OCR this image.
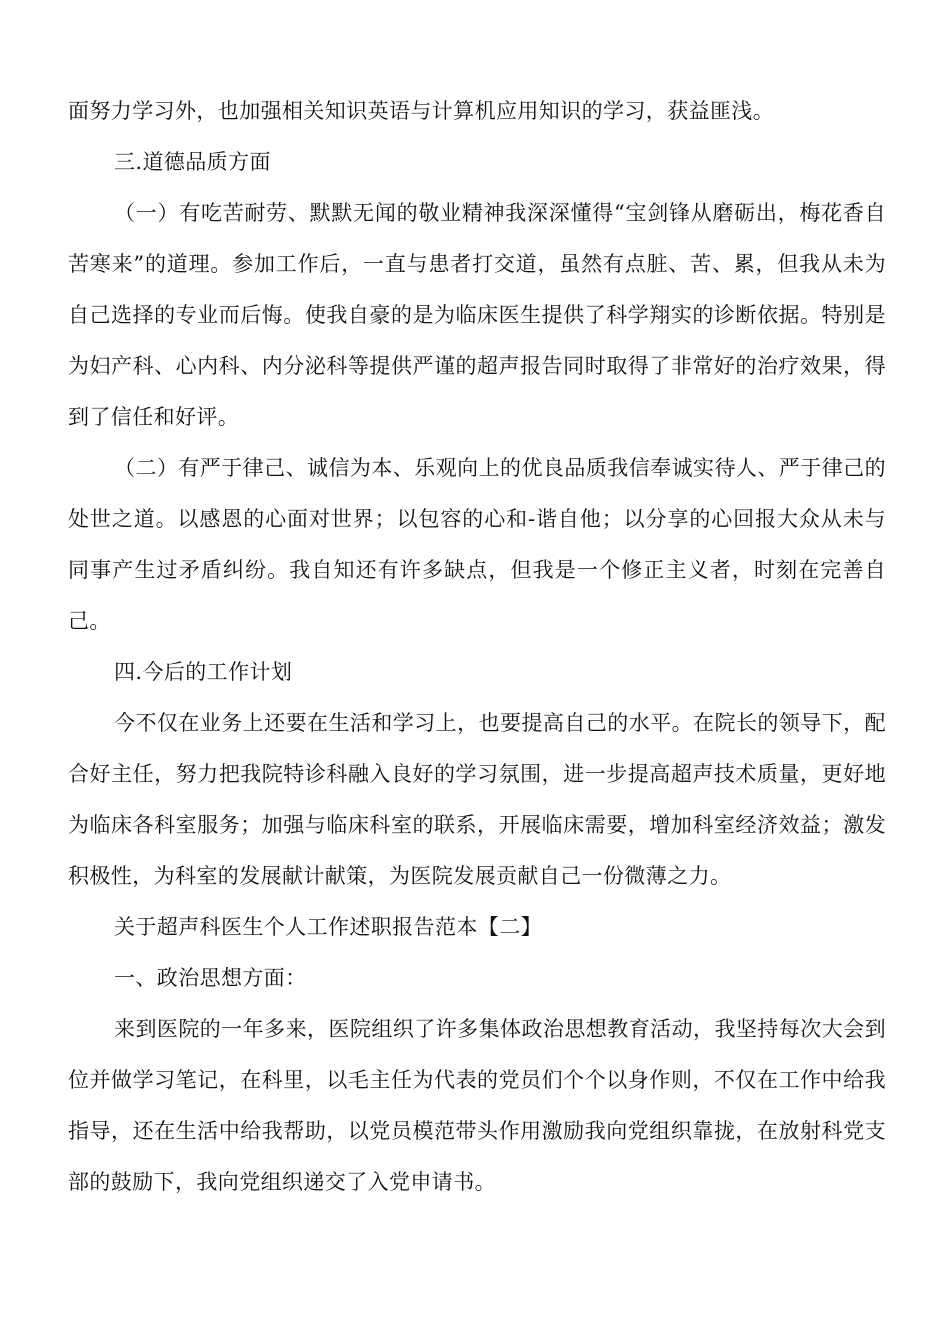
面努力学习外，也加强相关知识英语与计算机应用知识的学习，获益匪浅。

三.道德品质方面

（一）有吃苦耐劳、默默无闻的敬业精神我深深懂得“宝剑锋从磨砺出，梅花香自苦寒来”的道理。参加工作后，一直与患者打交道，虽然有点脏、苦、累，但我从未为自己选择的专业而后悔。使我自豪的是为临床医生提供了科学翔实的诊断依据。特别是为妇产科、心内科、内分泌科等提供严谨的超声报告同时取得了非常好的治疗效果，得到了信任和好评。

（二）有严于律己、诚信为本、乐观向上的优良品质我信奉诚实待人、严于律己的处世之道。以感恩的心面对世界；以包容的心和-谐自他；以分享的心回报大众从未与同事产生过矛盾纠纷。我自知还有许多缺点，但我是一个修正主义者，时刻在完善自己。

四.今后的工作计划

今不仅在业务上还要在生活和学习上，也要提高自己的水平。在院长的领导下，配合好主任，努力把我院特诊科融入良好的学习氛围，进一步提高超声技术质量，更好地为临床各科室服务；加强与临床科室的联系，开展临床需要，增加科室经济效益；激发积极性，为科室的发展献计献策，为医院发展贡献自己一份微薄之力。

关于超声科医生个人工作述职报告范本【二】

一、政治思想方面：

来到医院的一年多来，医院组织了许多集体政治思想教育活动，我坚持每次大会到位并做学习笔记，在科里，以毛主任为代表的党员们个个以身作则，不仅在工作中给我指导，还在生活中给我帮助，以党员模范带头作用激励我向党组织靠拢，在放射科党支部的鼓励下，我向党组织递交了入党申请书。
